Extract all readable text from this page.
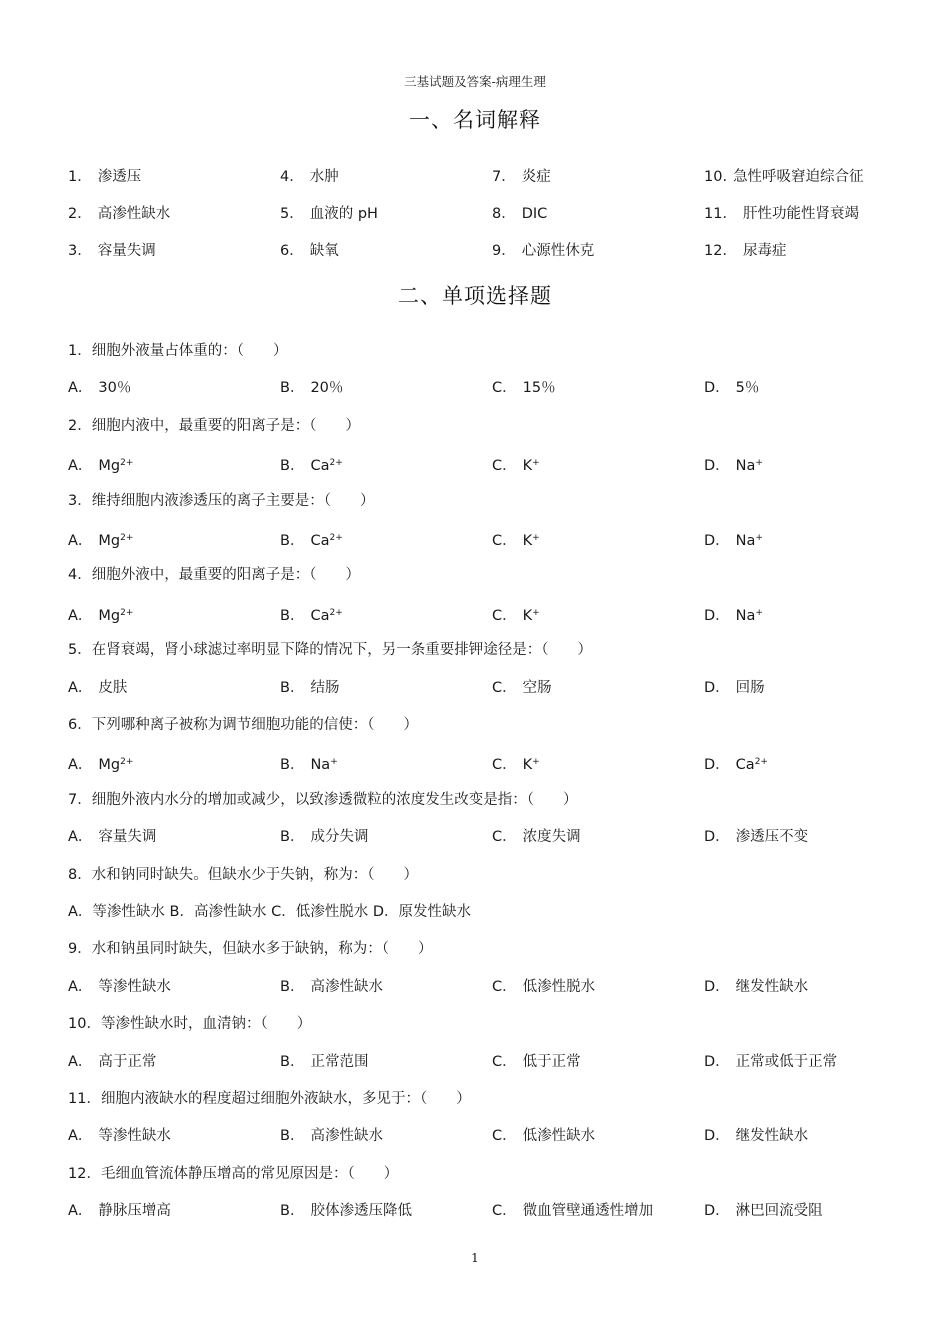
三基试题及答案-病理生理
一、名词解释
1． 渗透压	4． 水肿	7． 炎症	10. 急性呼吸窘迫综合征
2． 高渗性缺水	5． 血液的 pH	8． DIC	11． 肝性功能性肾衰竭
3． 容量失调	6． 缺氧	9． 心源性休克	12． 尿毒症
二、单项选择题
1．细胞外液量占体重的：（　　）
A． 30％	B． 20％	C． 15％	D． 5％
2．细胞内液中，最重要的阳离子是：（　　）
A． $Mg^{2+}$	B． $Ca^{2+}$	C． K+	D． Na+
3．维持细胞内液渗透压的离子主要是：（　　）
A． $Mg^{2+}$	B． $Ca^{2+}$	C． K+	D． Na+
4．细胞外液中，最重要的阳离子是：（　　）
A． $Mg^{2+}$	B． $Ca^{2+}$	C． K+	D． Na+
5．在肾衰竭，肾小球滤过率明显下降的情况下，另一条重要排钾途径是：（　　）
A． 皮肤	B． 结肠	C． 空肠	D． 回肠
6．下列哪种离子被称为调节细胞功能的信使：（　　）
A． $Mg^{2+}$	B． Na+	C． K+	D． $Ca^{2+}$
7．细胞外液内水分的增加或减少，以致渗透微粒的浓度发生改变是指：（　　）
A． 容量失调	B． 成分失调	C． 浓度失调	D． 渗透压不变
8．水和钠同时缺失。但缺水少于失钠，称为：（　　）
A．等渗性缺水 B．高渗性缺水 C．低渗性脱水 D．原发性缺水
9．水和钠虽同时缺失，但缺水多于缺钠，称为：（　　）
A． 等渗性缺水	B． 高渗性缺水	C． 低渗性脱水	D． 继发性缺水
10．等渗性缺水时，血清钠：（　　）
A． 高于正常	B． 正常范围	C． 低于正常	D． 正常或低于正常
11．细胞内液缺水的程度超过细胞外液缺水，多见于：（　　）
A． 等渗性缺水	B． 高渗性缺水	C． 低渗性缺水	D． 继发性缺水
12．毛细血管流体静压增高的常见原因是：（　　）
A． 静脉压增高	B． 胶体渗透压降低	C． 微血管壁通透性增加	D． 淋巴回流受阻
1
